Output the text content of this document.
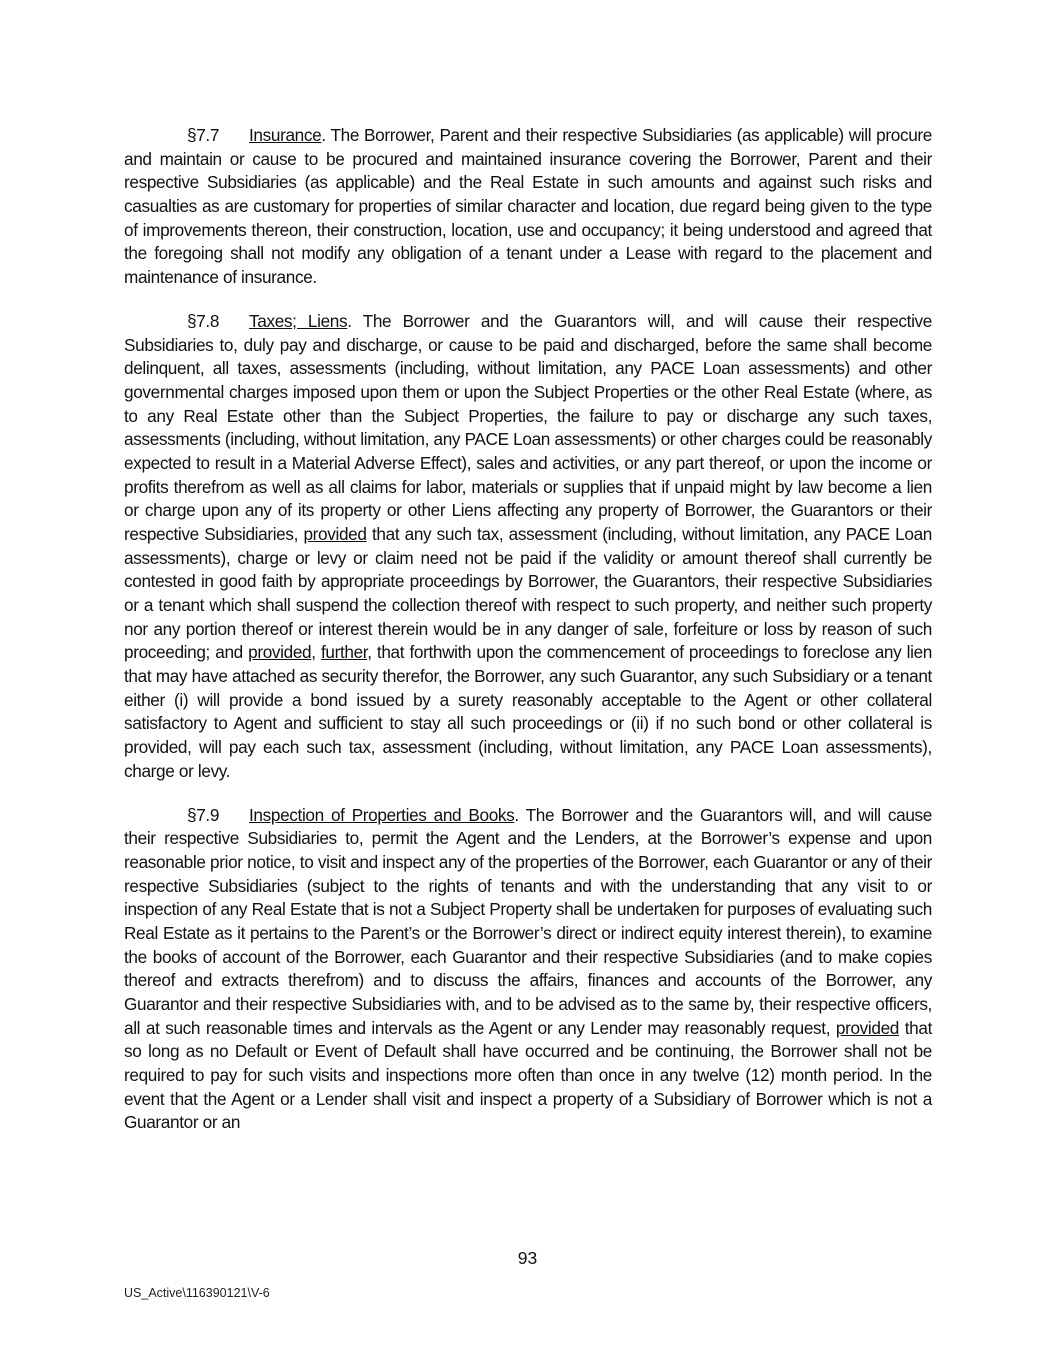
§7.7 Insurance. The Borrower, Parent and their respective Subsidiaries (as applicable) will procure and maintain or cause to be procured and maintained insurance covering the Borrower, Parent and their respective Subsidiaries (as applicable) and the Real Estate in such amounts and against such risks and casualties as are customary for properties of similar character and location, due regard being given to the type of improvements thereon, their construction, location, use and occupancy; it being understood and agreed that the foregoing shall not modify any obligation of a tenant under a Lease with regard to the placement and maintenance of insurance.

§7.8 Taxes; Liens. The Borrower and the Guarantors will, and will cause their respective Subsidiaries to, duly pay and discharge, or cause to be paid and discharged, before the same shall become delinquent, all taxes, assessments (including, without limitation, any PACE Loan assessments) and other governmental charges imposed upon them or upon the Subject Properties or the other Real Estate (where, as to any Real Estate other than the Subject Properties, the failure to pay or discharge any such taxes, assessments (including, without limitation, any PACE Loan assessments) or other charges could be reasonably expected to result in a Material Adverse Effect), sales and activities, or any part thereof, or upon the income or profits therefrom as well as all claims for labor, materials or supplies that if unpaid might by law become a lien or charge upon any of its property or other Liens affecting any property of Borrower, the Guarantors or their respective Subsidiaries, provided that any such tax, assessment (including, without limitation, any PACE Loan assessments), charge or levy or claim need not be paid if the validity or amount thereof shall currently be contested in good faith by appropriate proceedings by Borrower, the Guarantors, their respective Subsidiaries or a tenant which shall suspend the collection thereof with respect to such property, and neither such property nor any portion thereof or interest therein would be in any danger of sale, forfeiture or loss by reason of such proceeding; and provided, further, that forthwith upon the commencement of proceedings to foreclose any lien that may have attached as security therefor, the Borrower, any such Guarantor, any such Subsidiary or a tenant either (i) will provide a bond issued by a surety reasonably acceptable to the Agent or other collateral satisfactory to Agent and sufficient to stay all such proceedings or (ii) if no such bond or other collateral is provided, will pay each such tax, assessment (including, without limitation, any PACE Loan assessments), charge or levy.

§7.9 Inspection of Properties and Books. The Borrower and the Guarantors will, and will cause their respective Subsidiaries to, permit the Agent and the Lenders, at the Borrower’s expense and upon reasonable prior notice, to visit and inspect any of the properties of the Borrower, each Guarantor or any of their respective Subsidiaries (subject to the rights of tenants and with the understanding that any visit to or inspection of any Real Estate that is not a Subject Property shall be undertaken for purposes of evaluating such Real Estate as it pertains to the Parent’s or the Borrower’s direct or indirect equity interest therein), to examine the books of account of the Borrower, each Guarantor and their respective Subsidiaries (and to make copies thereof and extracts therefrom) and to discuss the affairs, finances and accounts of the Borrower, any Guarantor and their respective Subsidiaries with, and to be advised as to the same by, their respective officers, all at such reasonable times and intervals as the Agent or any Lender may reasonably request, provided that so long as no Default or Event of Default shall have occurred and be continuing, the Borrower shall not be required to pay for such visits and inspections more often than once in any twelve (12) month period. In the event that the Agent or a Lender shall visit and inspect a property of a Subsidiary of Borrower which is not a Guarantor or an

93
US_Active\116390121\V-6
